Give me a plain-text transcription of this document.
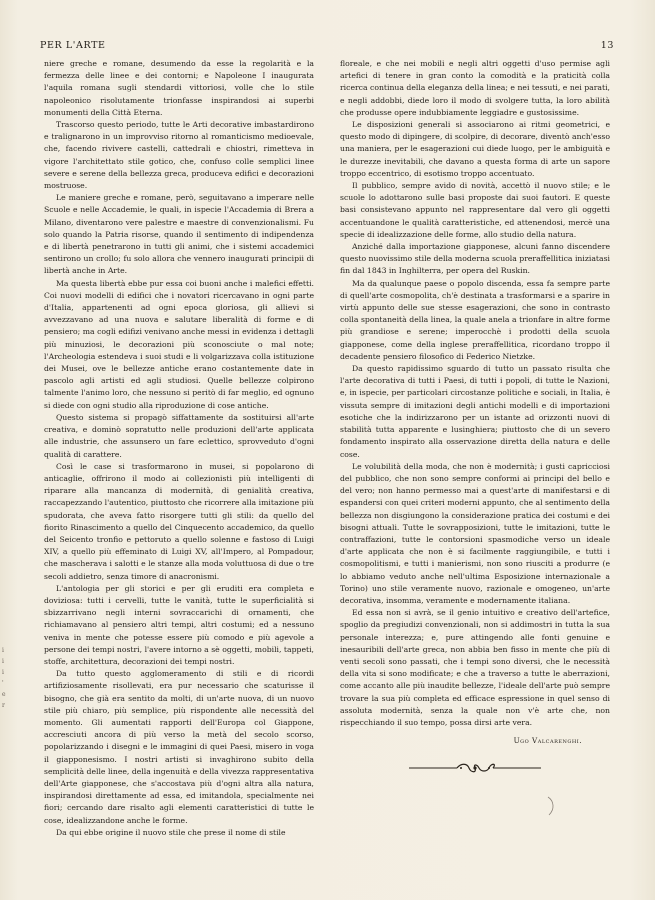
PER L'ARTE	13

niere greche e romane, desumendo da esse la regolarità e la fermezza delle linee e dei contorni; e Napoleone I inaugurata l'aquila romana sugli stendardi vittoriosi, volle che lo stile napoleonico risolutamente trionfasse inspirandosi ai superbi monumenti della Città Eterna.

Trascorso questo periodo, tutte le Arti decorative imbastardirono e tralignarono in un improvviso ritorno al romanticismo medioevale, che, facendo rivivere castelli, cattedrali e chiostri, rimetteva in vigore l'architettato stile gotico, che, confuso colle semplici linee severe e serene della bellezza greca, produceva edifici e decorazioni mostruose.

Le maniere greche e romane, però, seguitavano a imperare nelle Scuole e nelle Accademie, le quali, in ispecie l'Accademia di Brera a Milano, diventarono vere palestre e maestre di convenzionalismi. Fu solo quando la Patria risorse, quando il sentimento di indipendenza e di libertà penetrarono in tutti gli animi, che i sistemi accademici sentirono un crollo; fu solo allora che vennero inaugurati principii di libertà anche in Arte.

Ma questa libertà ebbe pur essa coi buoni anche i malefici effetti. Coi nuovi modelli di edifici che i novatori ricercavano in ogni parte d'Italia, appartenenti ad ogni epoca gloriosa, gli allievi si avvezzavano ad una nuova e salutare liberalità di forme e di pensiero; ma cogli edifizi venivano anche messi in evidenza i dettagli più minuziosi, le decorazioni più sconosciute o mal note; l'Archeologia estendeva i suoi studi e li volgarizzava colla istituzione dei Musei, ove le bellezze antiche erano costantemente date in pascolo agli artisti ed agli studiosi. Quelle bellezze colpirono talmente l'animo loro, che nessuno si peritò di far meglio, ed ognuno si diede con ogni studio alla riproduzione di cose antiche.

Questo sistema si propagò siffattamente da sostituirsi all'arte creativa, e dominò sopratutto nelle produzioni dell'arte applicata alle industrie, che assunsero un fare eclettico, sprovveduto d'ogni qualità di carattere.

Così le case si trasformarono in musei, si popolarono di anticaglie, offrirono il modo ai collezionisti più intelligenti di riparare alla mancanza di modernità, di genialità creativa, raccapezzando l'autentico, piuttosto che ricorrere alla imitazione più spudorata, che aveva fatto risorgere tutti gli stili: da quello del fiorito Rinascimento a quello del Cinquecento accademico, da quello del Seicento tronfio e pettoruto a quello solenne e fastoso di Luigi XIV, a quello più effeminato di Luigi XV, all'Impero, al Pompadour, che mascherava i salotti e le stanze alla moda voluttuosa di due o tre secoli addietro, senza timore di anacronismi.

L'antologia per gli storici e per gli eruditi era completa e doviziosa: tutti i cervelli, tutte le vanità, tutte le superficialità si sbizzarrivano negli interni sovraccarichi di ornamenti, che richiamavano al pensiero altri tempi, altri costumi; ed a nessuno veniva in mente che potesse essere più comodo e più agevole a persone dei tempi nostri, l'avere intorno a sè oggetti, mobili, tappeti, stoffe, architettura, decorazioni dei tempi nostri.

Da tutto questo agglomeramento di stili e di ricordi artifiziosamente risollevati, era pur necessario che scaturisse il bisogno, che già era sentito da molti, di un'arte nuova, di un nuovo stile più chiaro, più semplice, più rispondente alle necessità del momento. Gli aumentati rapporti dell'Europa col Giappone, accresciuti ancora di più verso la metà del secolo scorso, popolarizzando i disegni e le immagini di quei Paesi, misero in voga il giapponesismo. I nostri artisti si invaghirono subito della semplicità delle linee, della ingenuità e della vivezza rappresentativa dell'Arte giapponese, che s'accostava più d'ogni altra alla natura, inspirandosi direttamente ad essa, ed imitandola, specialmente nei fiori; cercando dare risalto agli elementi caratteristici di tutte le cose, idealizzandone anche le forme.

Da qui ebbe origine il nuovo stile che prese il nome di stile

floreale, e che nei mobili e negli altri oggetti d'uso permise agli artefici di tenere in gran conto la comodità e la praticità colla ricerca continua della eleganza della linea; e nei tessuti, e nei parati, e negli addobbi, diede loro il modo di svolgere tutta, la loro abilità che produsse opere indubbiamente leggiadre e gustosissime.

Le disposizioni generali si associarono ai ritmi geometrici, e questo modo di dipingere, di scolpire, di decorare, diventò anch'esso una maniera, per le esagerazioni cui diede luogo, per le ambiguità e le durezze inevitabili, che davano a questa forma di arte un sapore troppo eccentrico, di esotismo troppo accentuato.

Il pubblico, sempre avido di novità, accettò il nuovo stile; e le scuole lo adottarono sulle basi proposte dai suoi fautori. E queste basi consistevano appunto nel rappresentare dal vero gli oggetti accentuandone le qualità caratteristiche, ed attenendosi, mercè una specie di idealizzazione delle forme, allo studio della natura.

Anziché dalla importazione giapponese, alcuni fanno discendere questo nuovissimo stile della moderna scuola preraffellitica iniziatasi fin dal 1843 in Inghilterra, per opera del Ruskin.

Ma da qualunque paese o popolo discenda, essa fa sempre parte di quell'arte cosmopolita, ch'è destinata a trasformarsi e a sparire in virtù appunto delle sue stesse esagerazioni, che sono in contrasto colla spontaneità della linea, la quale anela a trionfare in altre forme più grandiose e serene; imperocchè i prodotti della scuola giapponese, come della inglese preraffellitica, ricordano troppo il decadente pensiero filosofico di Federico Nietzke.

Da questo rapidissimo sguardo di tutto un passato risulta che l'arte decorativa di tutti i Paesi, di tutti i popoli, di tutte le Nazioni, e, in ispecie, per particolari circostanze politiche e sociali, in Italia, è vissuta sempre di imitazioni degli antichi modelli e di importazioni esotiche che la indirizzarono per un istante ad orizzonti nuovi di stabilità tutta apparente e lusinghiera; piuttosto che di un severo fondamento inspirato alla osservazione diretta della natura e delle cose.

Le volubilità della moda, che non è modernità; i gusti capricciosi del pubblico, che non sono sempre conformi ai principi del bello e del vero; non hanno permesso mai a quest'arte di manifestarsi e di espandersi con quei criteri moderni appunto, che al sentimento della bellezza non disgiungono la considerazione pratica dei costumi e dei bisogni attuali. Tutte le sovrapposizioni, tutte le imitazioni, tutte le contraffazioni, tutte le contorsioni spasmodiche verso un ideale d'arte applicata che non è si facilmente raggiungibile, e tutti i cosmopolitismi, e tutti i manierismi, non sono riusciti a produrre (e lo abbiamo veduto anche nell'ultima Esposizione internazionale a Torino) uno stile veramente nuovo, razionale e omogeneo, un'arte decorativa, insomma, veramente e modernamente italiana.

Ed essa non si avrà, se il genio intuitivo e creativo dell'artefice, spoglio da pregiudizi convenzionali, non si addimostri in tutta la sua personale interezza; e, pure attingendo alle fonti genuine e inesauribili dell'arte greca, non abbia ben fisso in mente che più di venti secoli sono passati, che i tempi sono diversi, che le necessità della vita si sono modificate; e che a traverso a tutte le aberrazioni, come accanto alle più inaudite bellezze, l'ideale dell'arte può sempre trovare la sua più completa ed efficace espressione in quel senso di assoluta modernità, senza la quale non v'è arte che, non rispecchiando il suo tempo, possa dirsi arte vera.

Ugo Valcarenghi.
i
i
i
'
e
r
